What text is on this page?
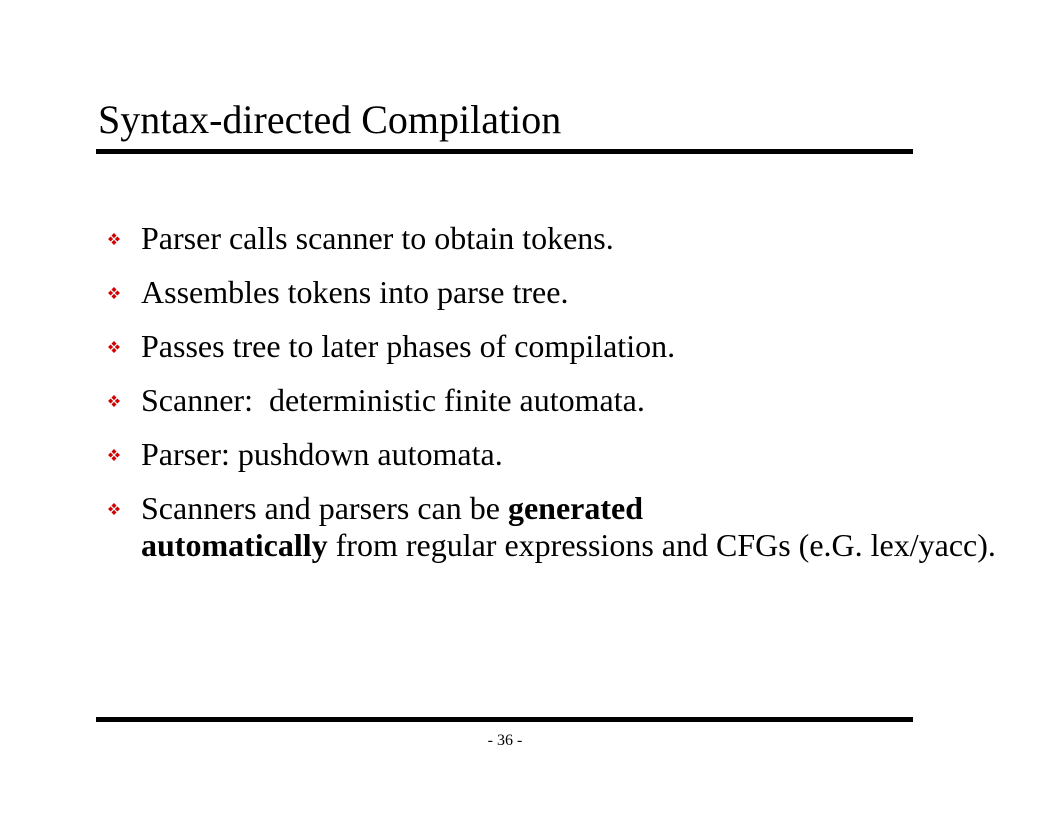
Syntax-directed Compilation
Parser calls scanner to obtain tokens.
Assembles tokens into parse tree.
Passes tree to later phases of compilation.
Scanner:  deterministic finite automata.
Parser: pushdown automata.
Scanners and parsers can be generated
automatically from regular expressions and CFGs (e.G. lex/yacc).
- 36 -
